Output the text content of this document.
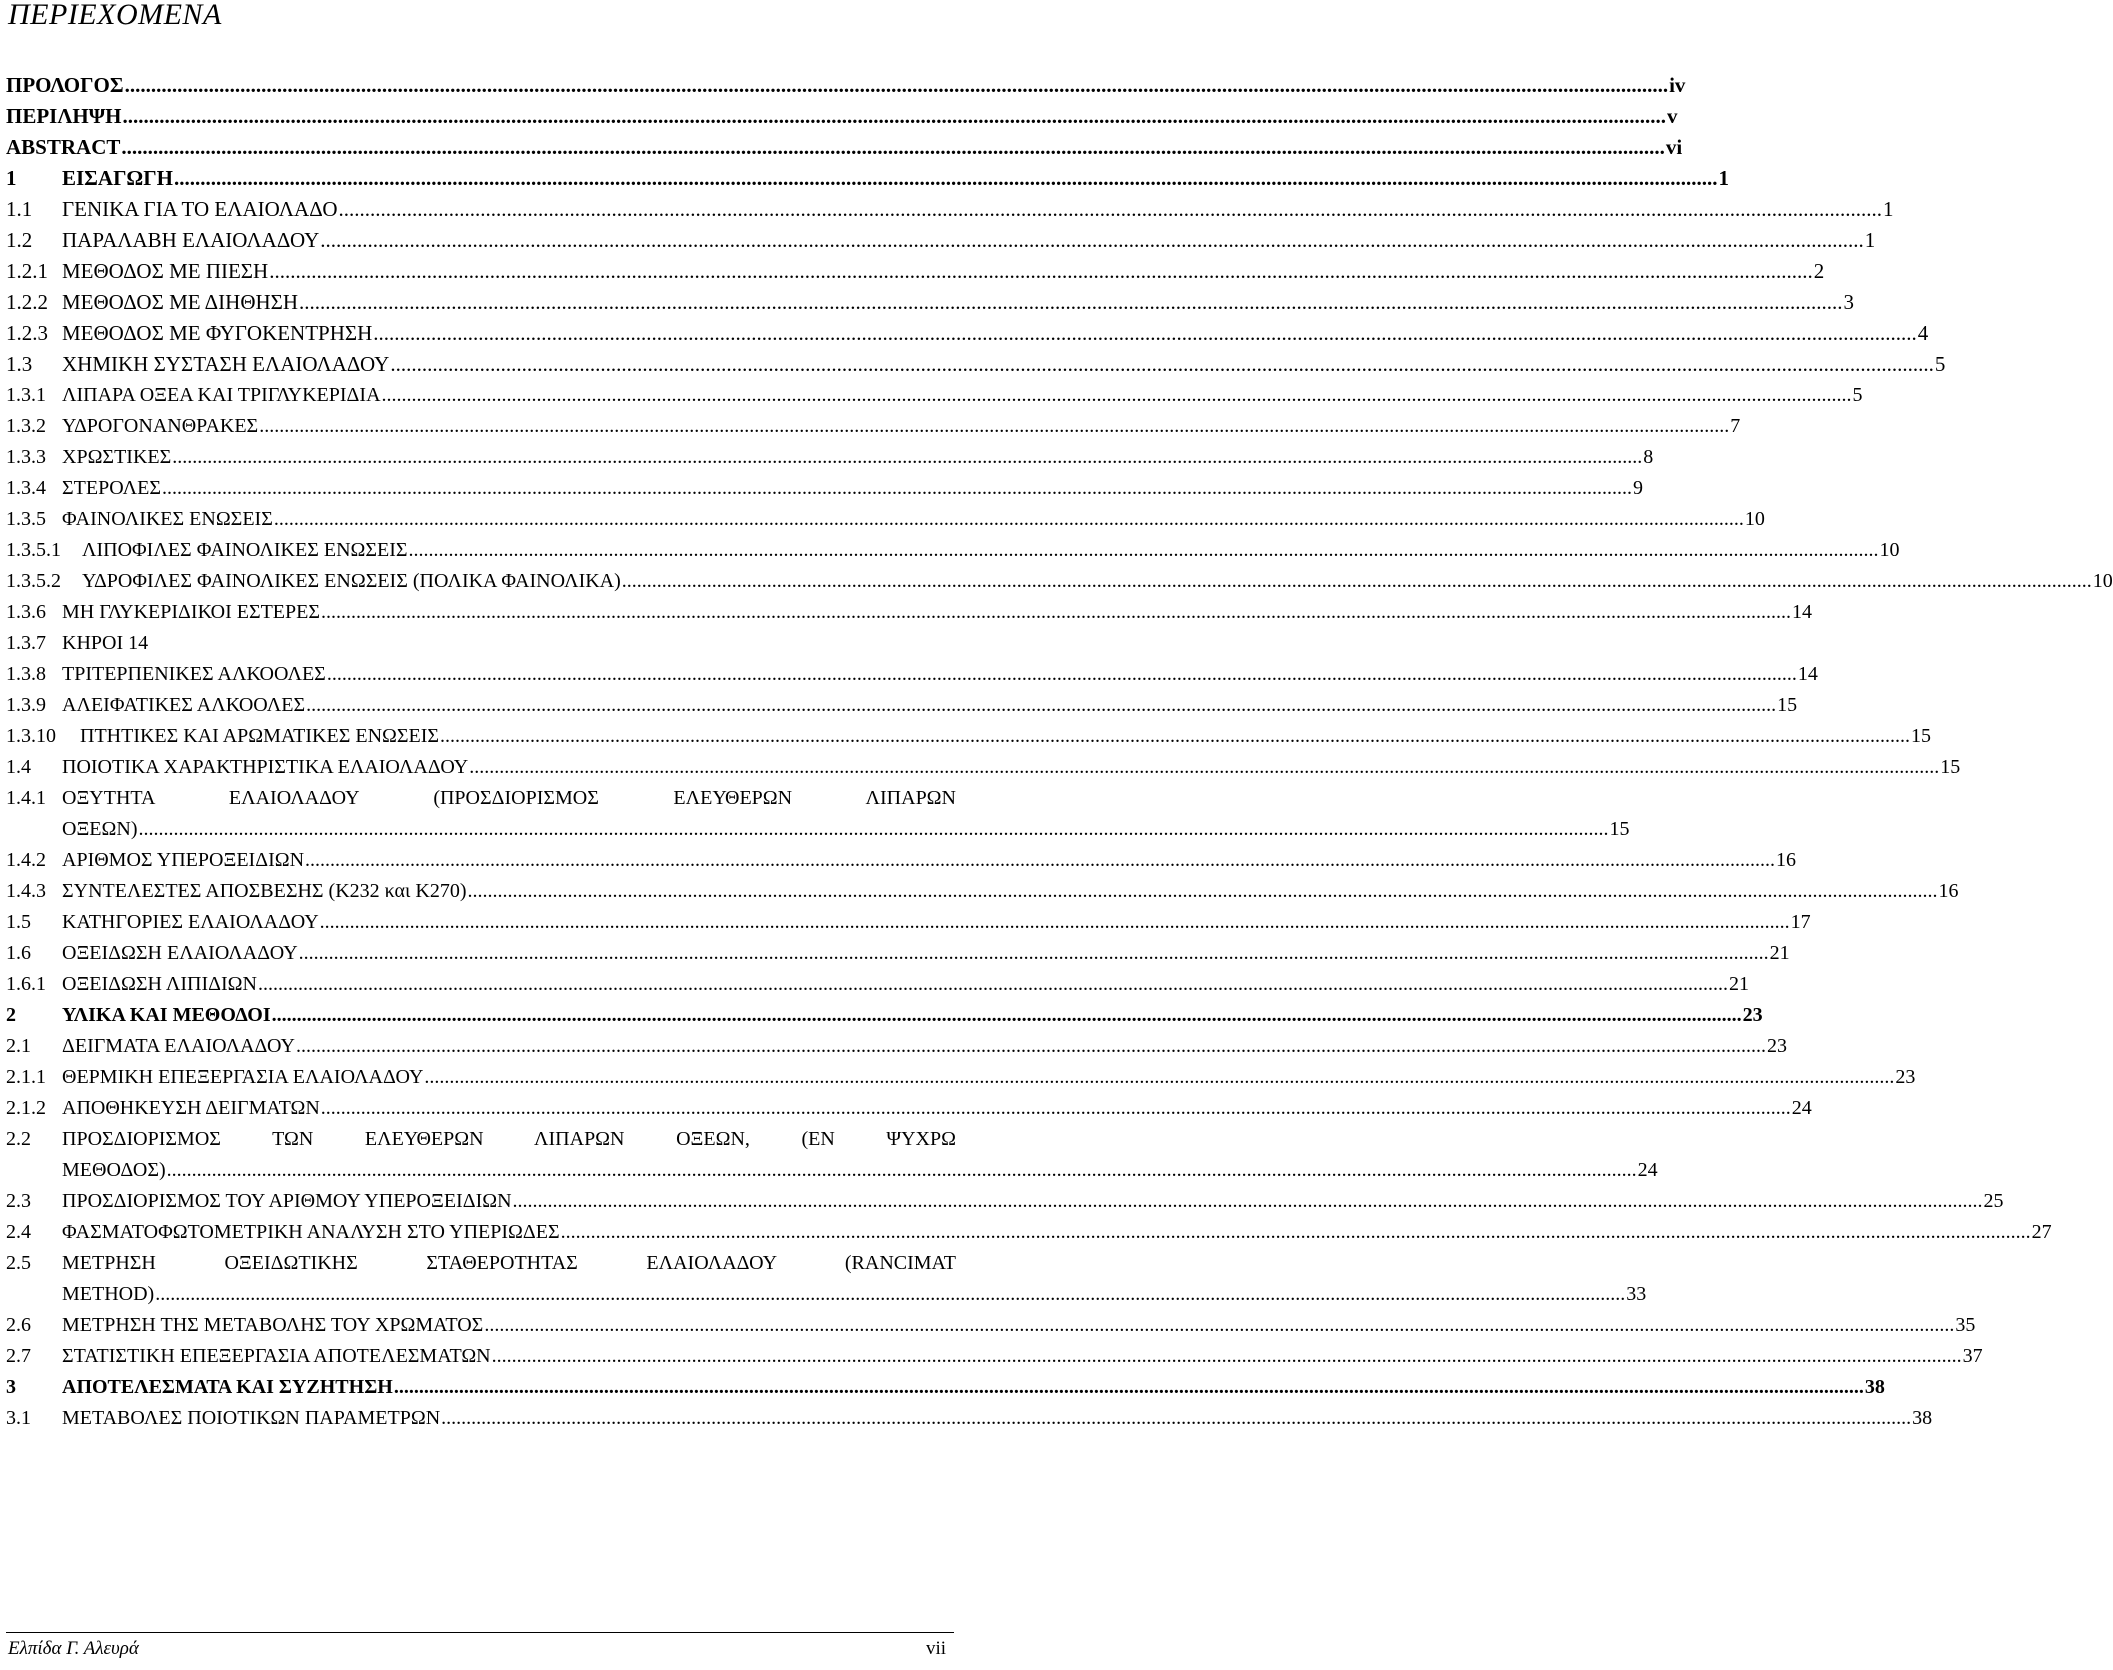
ΠΕΡΙΕΧΟΜΕΝΑ
ΠΡΟΛΟΓΟΣ .....	iv
ΠΕΡΙΛΗΨΗ .....	v
ABSTRACT .....	vi
1	ΕΙΣΑΓΩΓΗ .....	1
1.1	ΓΕΝΙΚΑ ΓΙΑ ΤΟ ΕΛΑΙΟΛΑΔΟ .....	1
1.2	ΠΑΡΑΛΑΒΗ ΕΛΑΙΟΛΑΔΟΥ .....	1
1.2.1 ΜΕΘΟΔΟΣ ΜΕ ΠΙΕΣΗ .....	2
1.2.2 ΜΕΘΟΔΟΣ ΜΕ ΔΙΗΘΗΣΗ .....	3
1.2.3 ΜΕΘΟΔΟΣ ΜΕ ΦΥΓΟΚΕΝΤΡΗΣΗ .....	4
1.3	ΧΗΜΙΚΗ ΣΥΣΤΑΣΗ ΕΛΑΙΟΛΑΔΟΥ .....	5
1.3.1 ΛΙΠΑΡΑ ΟΞΕΑ ΚΑΙ ΤΡΙΓΛΥΚΕΡΙΔΙΑ .....	5
1.3.2 ΥΔΡΟΓΟΝΑΝΘΡΑΚΕΣ .....	7
1.3.3 ΧΡΩΣΤΙΚΕΣ .....	8
1.3.4 ΣΤΕΡΟΛΕΣ .....	9
1.3.5 ΦΑΙΝΟΛΙΚΕΣ ΕΝΩΣΕΙΣ .....	10
1.3.5.1	ΛΙΠΟΦΙΛΕΣ ΦΑΙΝΟΛΙΚΕΣ ΕΝΩΣΕΙΣ .....	10
1.3.5.2	ΥΔΡΟΦΙΛΕΣ ΦΑΙΝΟΛΙΚΕΣ ΕΝΩΣΕΙΣ (ΠΟΛΙΚΑ ΦΑΙΝΟΛΙΚΑ) .....	10
1.3.6 ΜΗ ΓΛΥΚΕΡΙΔΙΚΟΙ ΕΣΤΕΡΕΣ .....	14
1.3.7 ΚΗΡΟΙ 14
1.3.8 ΤΡΙΤΕΡΠΕΝΙΚΕΣ ΑΛΚΟΟΛΕΣ .....	14
1.3.9 ΑΛΕΙΦΑΤΙΚΕΣ ΑΛΚΟΟΛΕΣ .....	15
1.3.10	ΠΤΗΤΙΚΕΣ ΚΑΙ ΑΡΩΜΑΤΙΚΕΣ ΕΝΩΣΕΙΣ .....	15
1.4	ΠΟΙΟΤΙΚΑ ΧΑΡΑΚΤΗΡΙΣΤΙΚΑ ΕΛΑΙΟΛΑΔΟΥ .....	15
1.4.1 ΟΞΥΤΗΤΑ ΕΛΑΙΟΛΑΔΟΥ (ΠΡΟΣΔΙΟΡΙΣΜΟΣ ΕΛΕΥΘΕΡΩΝ ΛΙΠΑΡΩΝ
ΟΞΕΩΝ) .....	15
1.4.2 ΑΡΙΘΜΟΣ ΥΠΕΡΟΞΕΙΔΙΩΝ .....	16
1.4.3 ΣΥΝΤΕΛΕΣΤΕΣ ΑΠΟΣΒΕΣΗΣ (Κ232 και Κ270) .....	16
1.5	ΚΑΤΗΓΟΡΙΕΣ ΕΛΑΙΟΛΑΔΟΥ .....	17
1.6	ΟΞΕΙΔΩΣΗ ΕΛΑΙΟΛΑΔΟΥ .....	21
1.6.1 ΟΞΕΙΔΩΣΗ ΛΙΠΙΔΙΩΝ .....	21
2	ΥΛΙΚΑ ΚΑΙ ΜΕΘΟΔΟΙ .....	23
2.1	ΔΕΙΓΜΑΤΑ ΕΛΑΙΟΛΑΔΟΥ .....	23
2.1.1 ΘΕΡΜΙΚΗ ΕΠΕΞΕΡΓΑΣΙΑ ΕΛΑΙΟΛΑΔΟΥ .....	23
2.1.2 ΑΠΟΘΗΚΕΥΣΗ ΔΕΙΓΜΑΤΩΝ .....	24
2.2	ΠΡΟΣΔΙΟΡΙΣΜΟΣ ΤΩΝ ΕΛΕΥΘΕΡΩΝ ΛΙΠΑΡΩΝ ΟΞΕΩΝ, (ΕΝ ΨΥΧΡΩ
ΜΕΘΟΔΟΣ) .....	24
2.3	ΠΡΟΣΔΙΟΡΙΣΜΟΣ ΤΟΥ ΑΡΙΘΜΟΥ ΥΠΕΡΟΞΕΙΔΙΩΝ .....	25
2.4	ΦΑΣΜΑΤΟΦΩΤΟΜΕΤΡΙΚΗ ΑΝΑΛΥΣΗ ΣΤΟ ΥΠΕΡΙΩΔΕΣ .....	27
2.5	ΜΕΤΡΗΣΗ ΟΞΕΙΔΩΤΙΚΗΣ ΣΤΑΘΕΡΟΤΗΤΑΣ ΕΛΑΙΟΛΑΔΟΥ (RANCIMAT
METHOD) .....	33
2.6	ΜΕΤΡΗΣΗ ΤΗΣ ΜΕΤΑΒΟΛΗΣ ΤΟΥ ΧΡΩΜΑΤΟΣ .....	35
2.7	ΣΤΑΤΙΣΤΙΚΗ ΕΠΕΞΕΡΓΑΣΙΑ ΑΠΟΤΕΛΕΣΜΑΤΩΝ .....	37
3	ΑΠΟΤΕΛΕΣΜΑΤΑ ΚΑΙ ΣΥΖΗΤΗΣΗ .....	38
3.1	ΜΕΤΑΒΟΛΕΣ ΠΟΙΟΤΙΚΩΝ ΠΑΡΑΜΕΤΡΩΝ .....	38
Ελπίδα Γ. Αλευρά	vii
